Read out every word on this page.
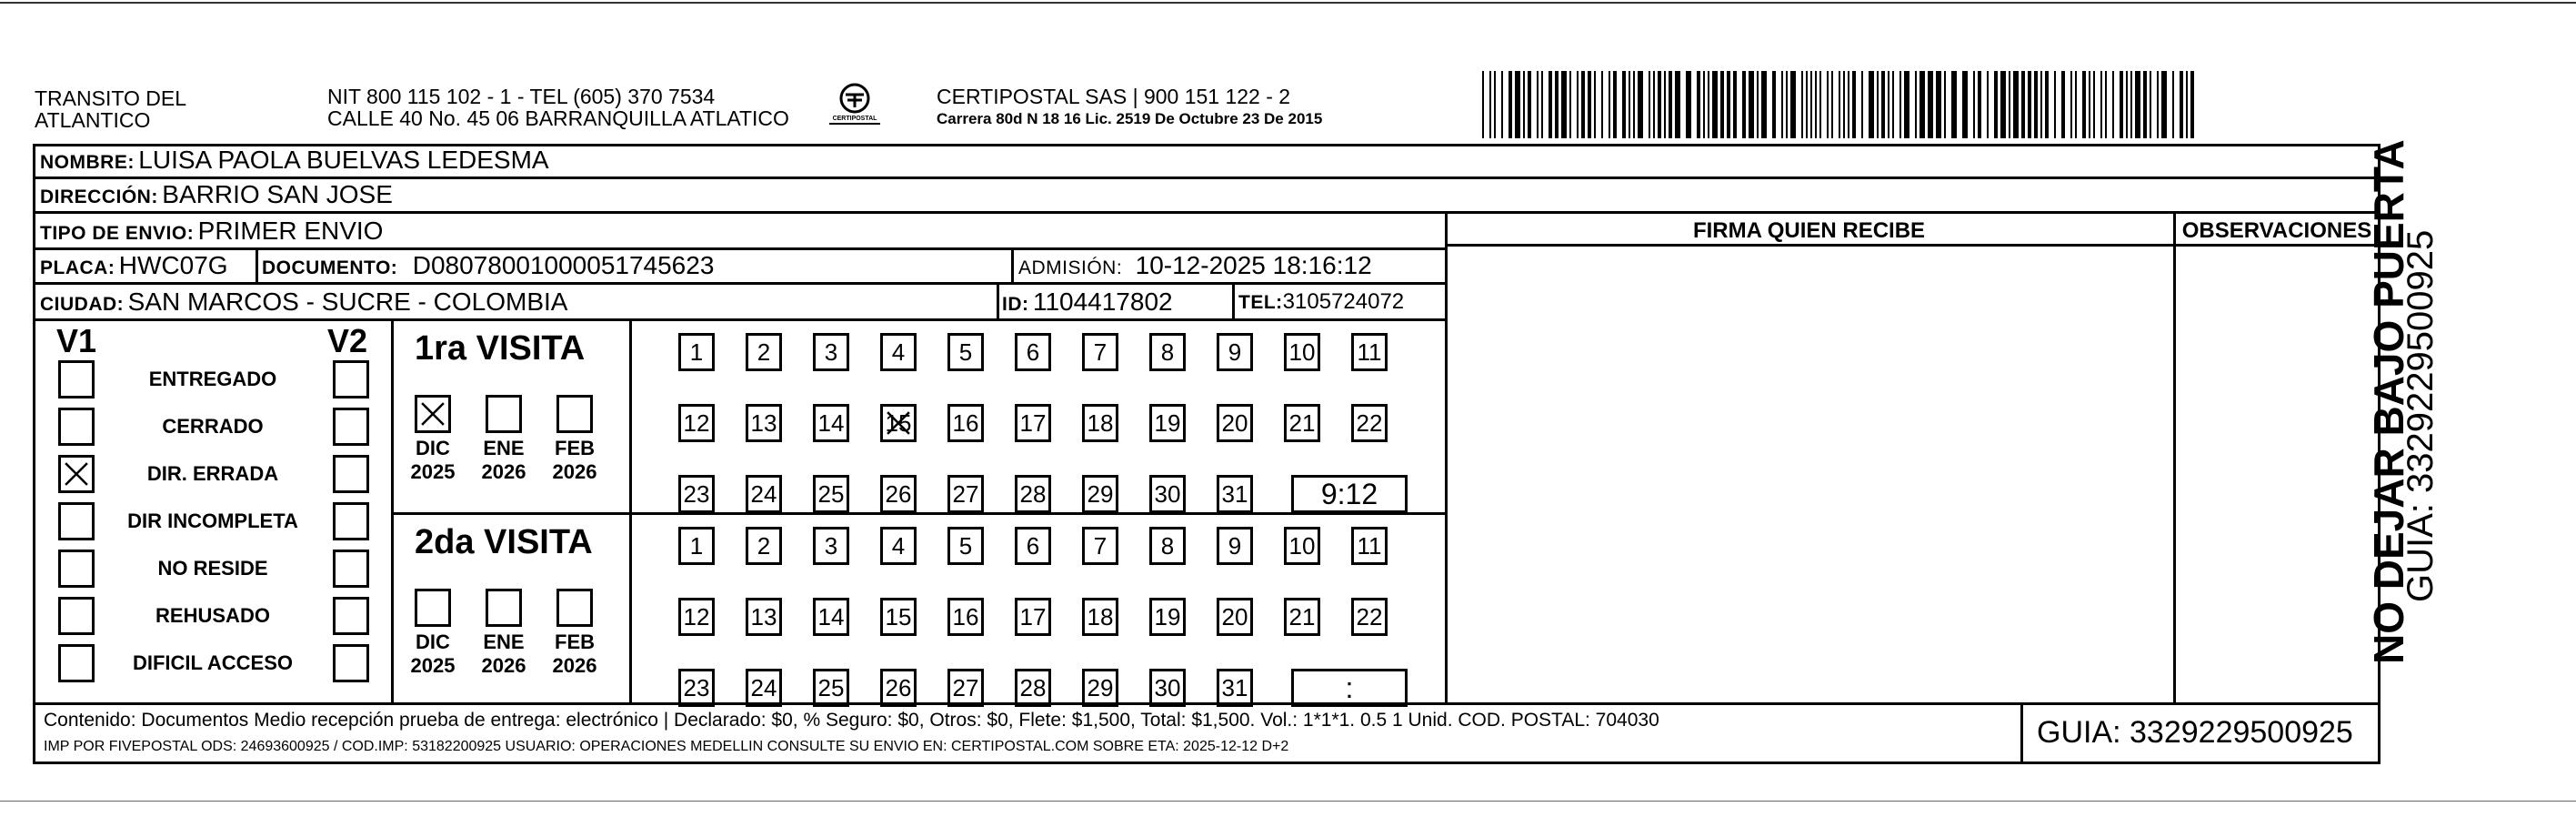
TRANSITO DEL
ATLANTICO
NIT 800 115 102 - 1 - TEL (605) 370 7534
CALLE 40 No. 45 06 BARRANQUILLA ATLATICO	CERTIPOSTAL
CERTIPOSTAL SAS | 900 151 122 - 2
Carrera 80d N 18 16 Lic. 2519 De Octubre 23 De 2015
NOMBRE: LUISA PAOLA BUELVAS LEDESMA
DIRECCIÓN: BARRIO SAN JOSE
TIPO DE ENVIO: PRIMER ENVIO	FIRMA QUIEN RECIBE	OBSERVACIONES
PLACA: HWC07G DOCUMENTO: D08078001000051745623	ADMISIÓN: 10-12-2025 18:16:12
CIUDAD: SAN MARCOS - SUCRE - COLOMBIA	ID: 1104417802	TEL:3105724072
V1	V2
ENTREGADO
CERRADO
DIR. ERRADA
DIR INCOMPLETA
NO RESIDE
REHUSADO
DIFICIL ACCESO
1ra VISITA
DIC
2025
ENE
2026
FEB
2026
1 2 3 4 5 6 7 8 9 10 11
12 13 14 15 16 17 18 19 20 21 22
23 24 25 26 27 28 29 30 31	9:12
2da VISITA
DIC
2025
ENE
2026
FEB
2026
1 2 3 4 5 6 7 8 9 10 11
12 13 14 15 16 17 18 19 20 21 22
23 24 25 26 27 28 29 30 31	:
Contenido: Documentos Medio recepción prueba de entrega: electrónico | Declarado: $0, % Seguro: $0, Otros: $0, Flete: $1,500, Total: $1,500. Vol.: 1*1*1. 0.5 1 Unid. COD. POSTAL: 704030
IMP POR FIVEPOSTAL ODS: 24693600925 / COD.IMP: 53182200925 USUARIO: OPERACIONES MEDELLIN CONSULTE SU ENVIO EN: CERTIPOSTAL.COM SOBRE ETA: 2025-12-12 D+2	GUIA: 3329229500925
NO DEJAR BAJO PUERTA
GUIA: 3329229500925
